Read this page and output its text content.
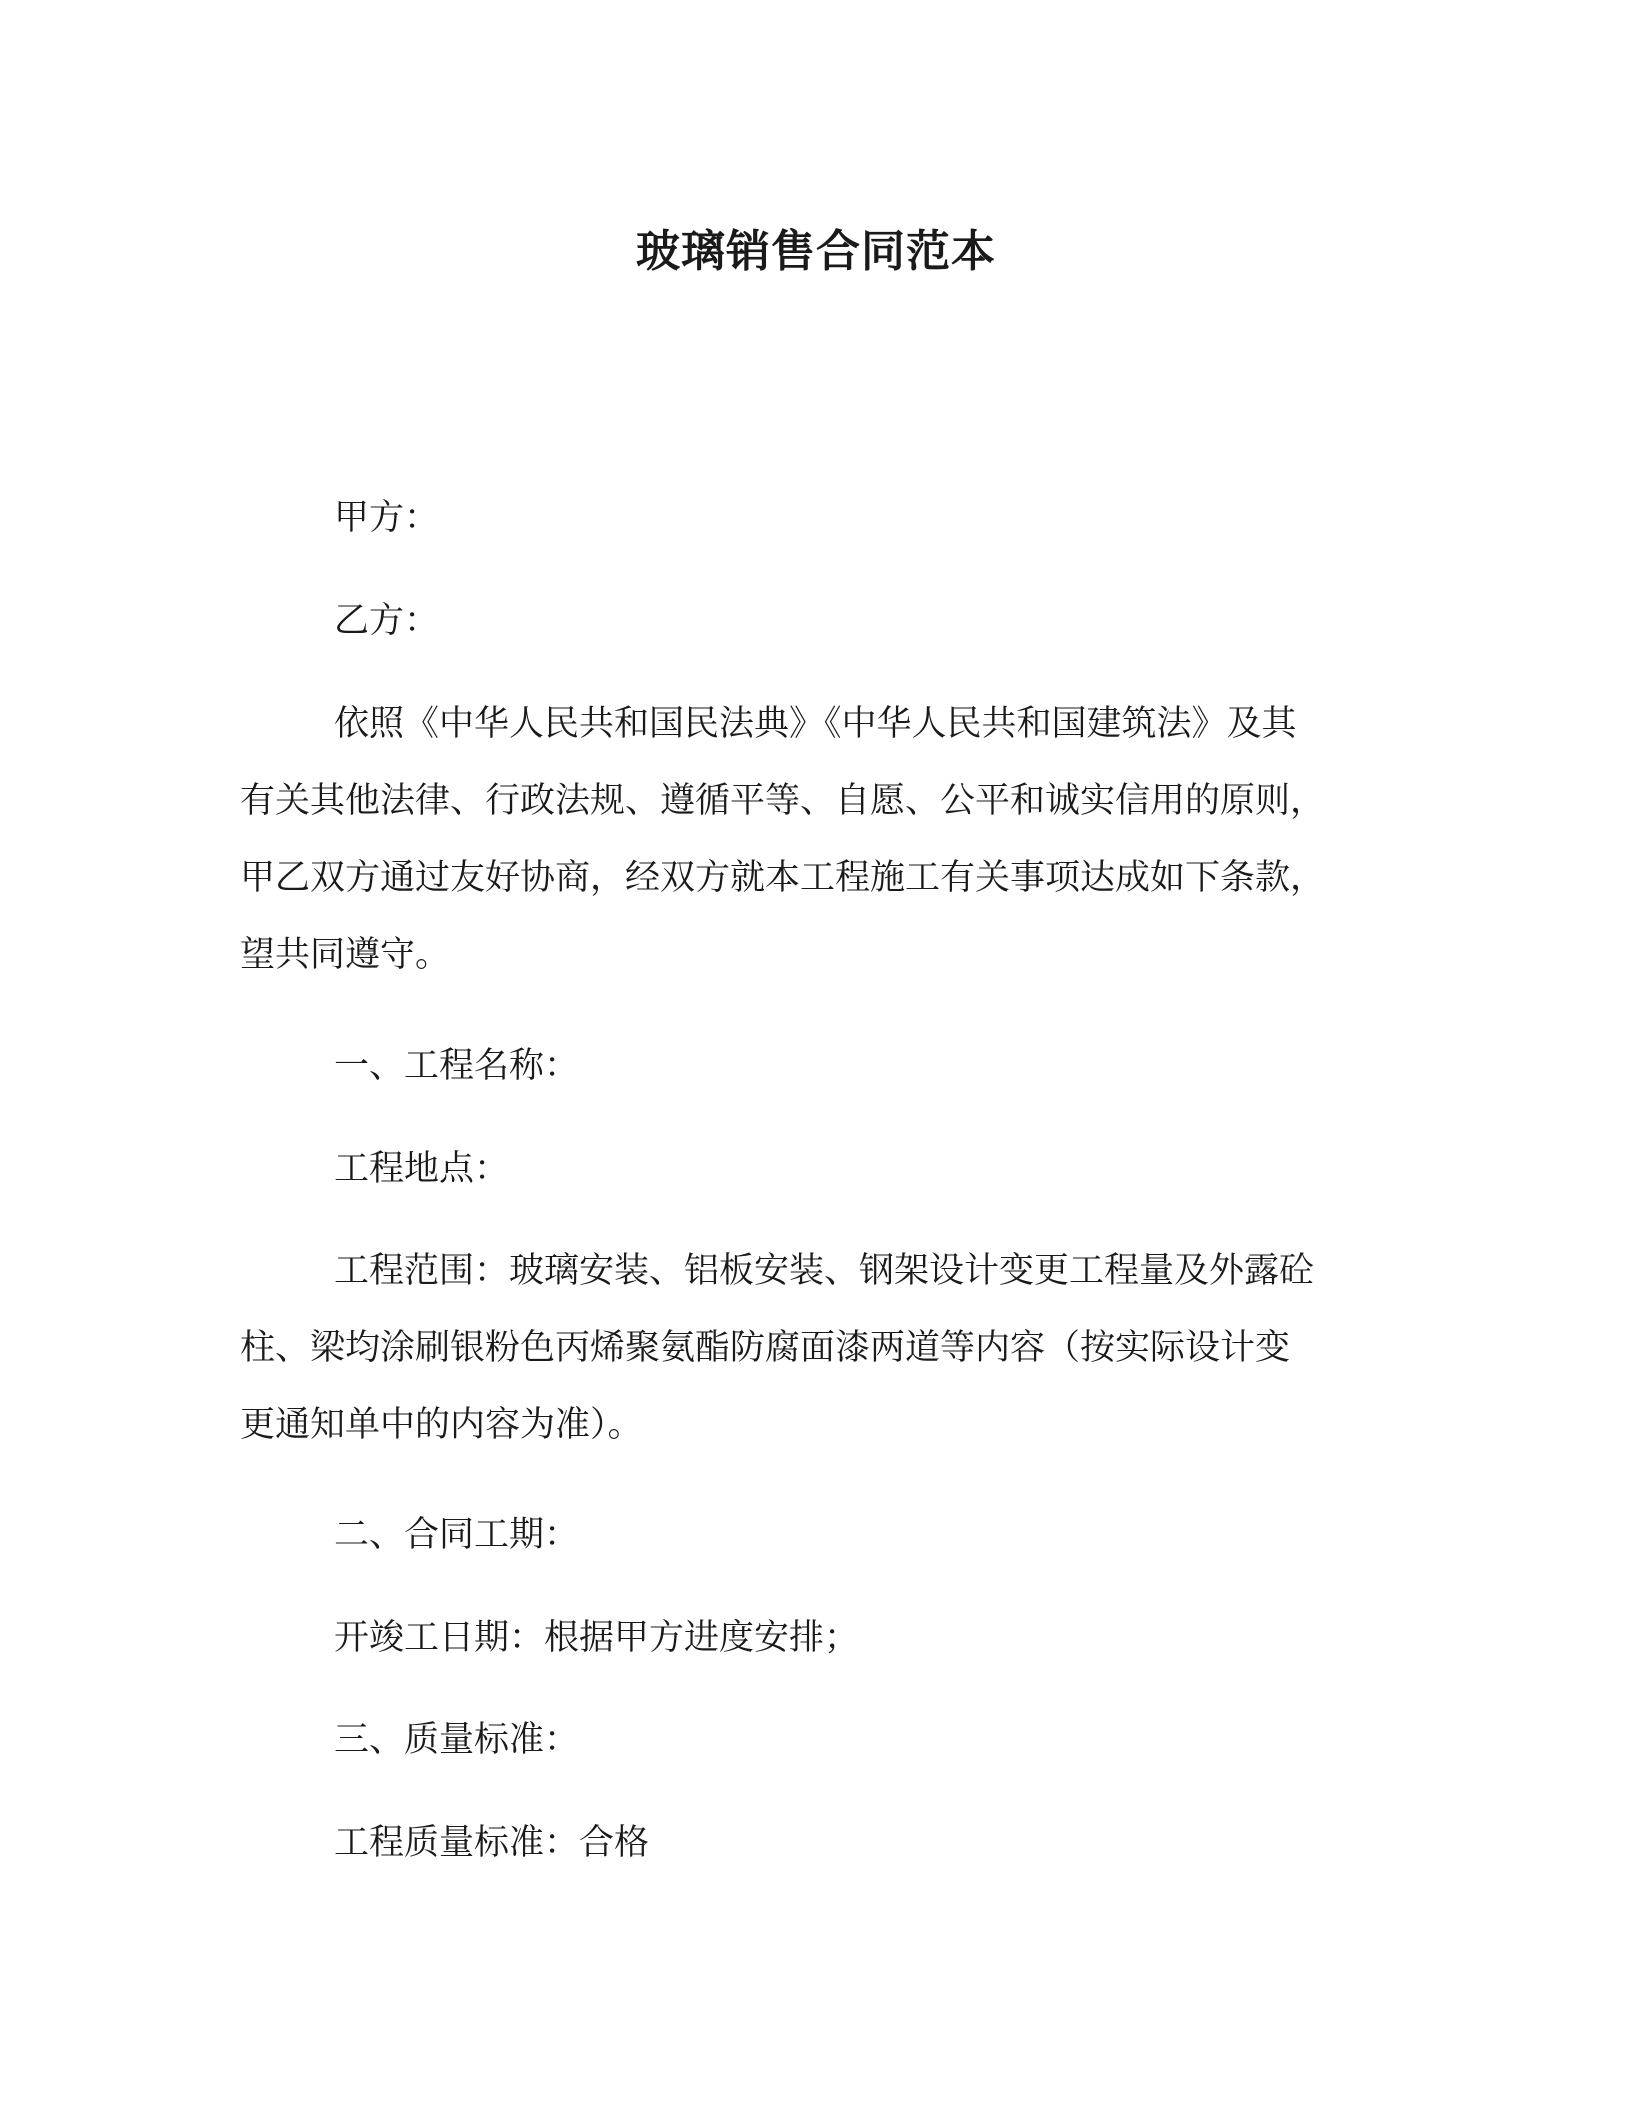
玻璃销售合同范本

甲方：

乙方：

依照《中华人民共和国民法典》《中华人民共和国建筑法》及其
有关其他法律、行政法规、遵循平等、自愿、公平和诚实信用的原则，
甲乙双方通过友好协商，经双方就本工程施工有关事项达成如下条款，
望共同遵守。

一、工程名称：

工程地点：

工程范围：玻璃安装、铝板安装、钢架设计变更工程量及外露砼
柱、梁均涂刷银粉色丙烯聚氨酯防腐面漆两道等内容（按实际设计变
更通知单中的内容为准）。

二、合同工期：

开竣工日期：根据甲方进度安排；

三、质量标准：

工程质量标准：合格
